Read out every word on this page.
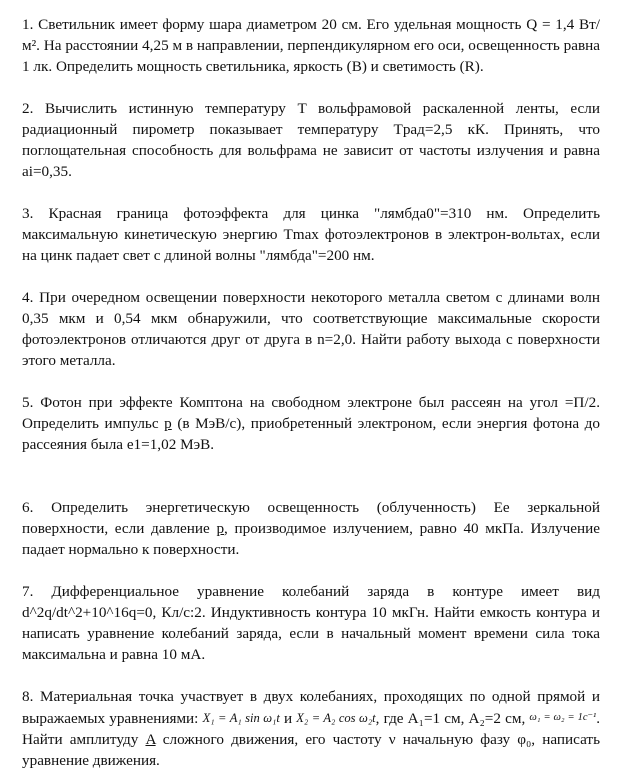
1. Светильник имеет форму шара диаметром 20 см. Его удельная мощность Q = 1,4 Вт/м². На расстоянии 4,25 м в направлении, перпендикулярном его оси, освещенность равна 1 лк. Определить мощность светильника, яркость (B) и светимость (R).

2. Вычислить истинную температуру T вольфрамовой раскаленной ленты, если радиационный пирометр показывает температуру Tрад=2,5 кК. Принять, что поглощательная способность для вольфрама не зависит от частоты излучения и равна ai=0,35.

3. Красная граница фотоэффекта для цинка "лямбда0"=310 нм. Определить максимальную кинетическую энергию Tmax фотоэлектронов в электрон-вольтах, если на цинк падает свет с длиной волны "лямбда"=200 нм.

4. При очередном освещении поверхности некоторого металла светом с длинами волн 0,35 мкм и 0,54 мкм обнаружили, что соответствующие максимальные скорости фотоэлектронов отличаются друг от друга в n=2,0. Найти работу выхода с поверхности этого металла.

5. Фотон при эффекте Комптона на свободном электроне был рассеян на угол =П/2. Определить импульс p (в МэВ/с), приобретенный электроном, если энергия фотона до рассеяния была e1=1,02 МэВ.

6. Определить энергетическую освещенность (облученность) Ее зеркальной поверхности, если давление p, производимое излучением, равно 40 мкПа. Излучение падает нормально к поверхности.

7. Дифференциальное уравнение колебаний заряда в контуре имеет вид d^2q/dt^2+10^16q=0, Кл/с:2. Индуктивность контура 10 мкГн. Найти емкость контура и написать уравнение колебаний заряда, если в начальный момент времени сила тока максимальна и равна 10 мА.

8. Материальная точка участвует в двух колебаниях, проходящих по одной прямой и выражаемых уравнениями: X₁ = A₁ sin ω₁t и X₂ = A₂ cos ω₂t, где A₁=1 см, A₂=2 см, ω₁ = ω₂ = 1c⁻¹. Найти амплитуду A сложного движения, его частоту ν начальную фазу φ₀, написать уравнение движения.
